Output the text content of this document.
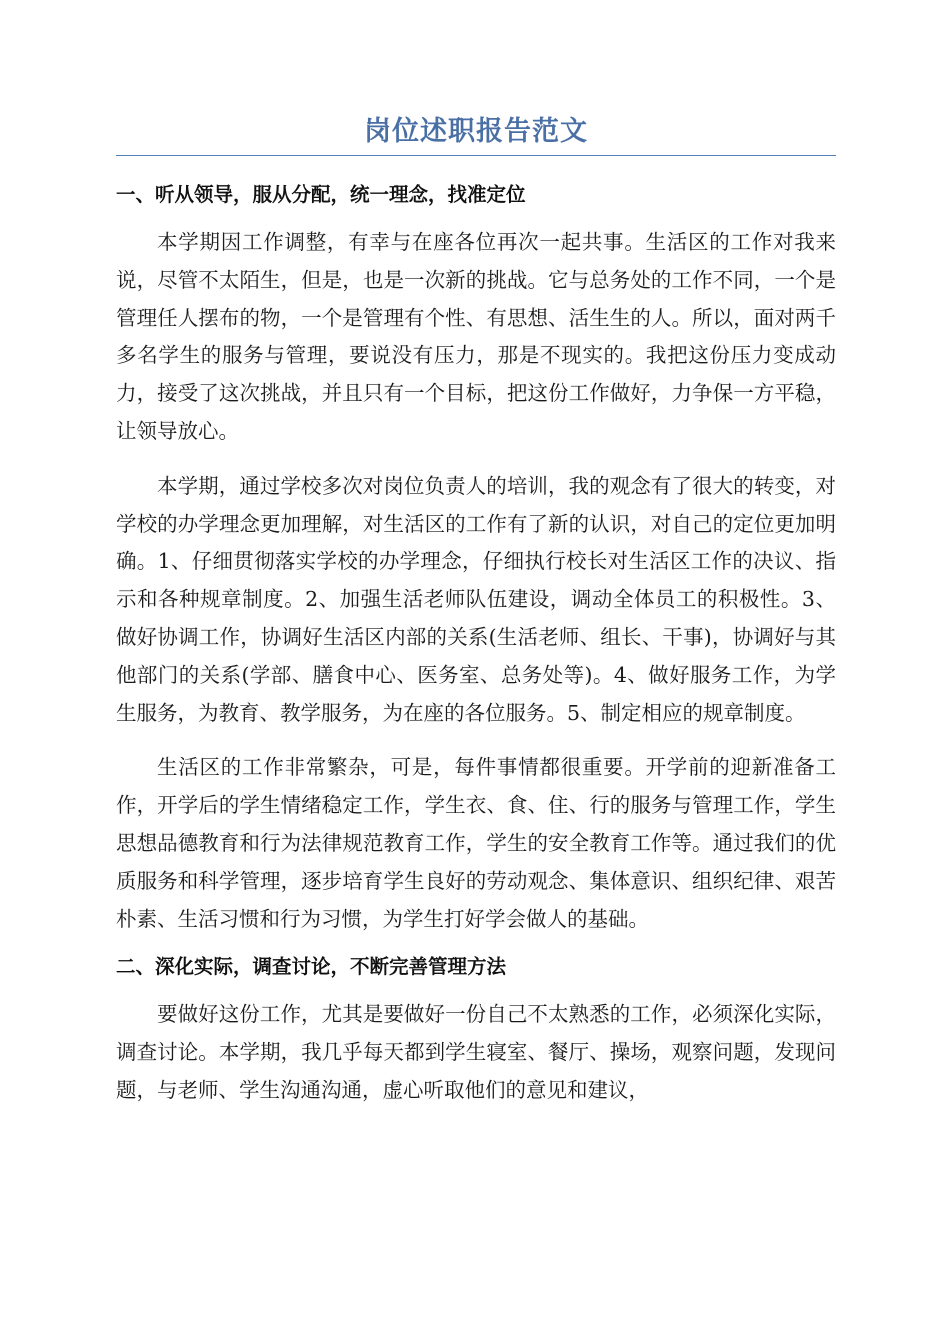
岗位述职报告范文
一、听从领导，服从分配，统一理念，找准定位

本学期因工作调整，有幸与在座各位再次一起共事。生活区的工作对我来说，尽管不太陌生，但是，也是一次新的挑战。它与总务处的工作不同，一个是管理任人摆布的物，一个是管理有个性、有思想、活生生的人。所以，面对两千多名学生的服务与管理，要说没有压力，那是不现实的。我把这份压力变成动力，接受了这次挑战，并且只有一个目标，把这份工作做好，力争保一方平稳，让领导放心。

本学期，通过学校多次对岗位负责人的培训，我的观念有了很大的转变，对学校的办学理念更加理解，对生活区的工作有了新的认识，对自己的定位更加明确。1、仔细贯彻落实学校的办学理念，仔细执行校长对生活区工作的决议、指示和各种规章制度。2、加强生活老师队伍建设，调动全体员工的积极性。3、做好协调工作，协调好生活区内部的关系(生活老师、组长、干事)，协调好与其他部门的关系(学部、膳食中心、医务室、总务处等)。4、做好服务工作，为学生服务，为教育、教学服务，为在座的各位服务。5、制定相应的规章制度。

生活区的工作非常繁杂，可是，每件事情都很重要。开学前的迎新准备工作，开学后的学生情绪稳定工作，学生衣、食、住、行的服务与管理工作，学生思想品德教育和行为法律规范教育工作，学生的安全教育工作等。通过我们的优质服务和科学管理，逐步培育学生良好的劳动观念、集体意识、组织纪律、艰苦朴素、生活习惯和行为习惯，为学生打好学会做人的基础。

二、深化实际，调查讨论，不断完善管理方法

要做好这份工作，尤其是要做好一份自己不太熟悉的工作，必须深化实际，调查讨论。本学期，我几乎每天都到学生寝室、餐厅、操场，观察问题，发现问题，与老师、学生沟通沟通，虚心听取他们的意见和建议，
